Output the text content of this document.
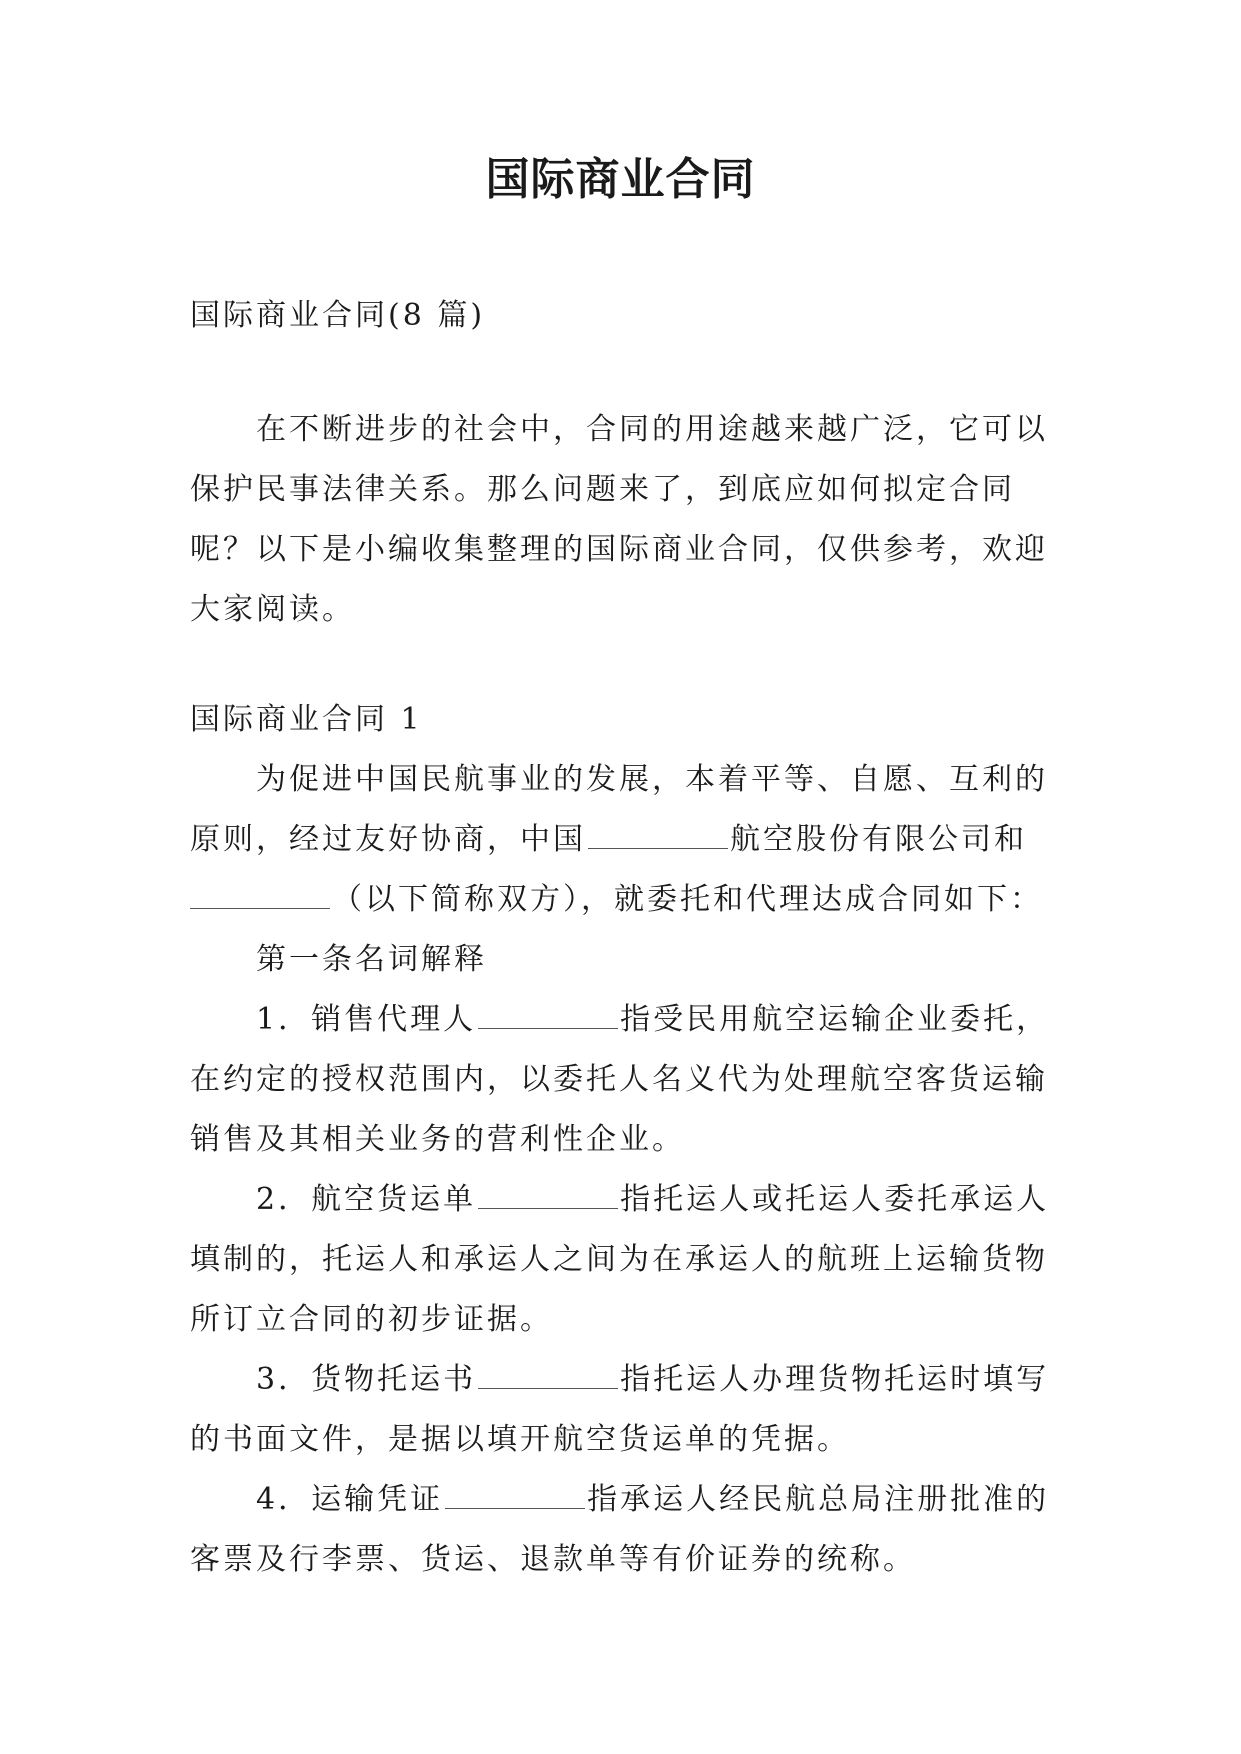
国际商业合同

国际商业合同(8 篇)

在不断进步的社会中，合同的用途越来越广泛，它可以保护民事法律关系。那么问题来了，到底应如何拟定合同呢？以下是小编收集整理的国际商业合同，仅供参考，欢迎大家阅读。

国际商业合同 1

为促进中国民航事业的发展，本着平等、自愿、互利的原则，经过友好协商，中国	航空股份有限公司和
（以下简称双方），就委托和代理达成合同如下：

第一条名词解释

1．销售代理人	指受民用航空运输企业委托，在约定的授权范围内，以委托人名义代为处理航空客货运输销售及其相关业务的营利性企业。

2．航空货运单	指托运人或托运人委托承运人填制的，托运人和承运人之间为在承运人的航班上运输货物所订立合同的初步证据。

3．货物托运书	指托运人办理货物托运时填写的书面文件，是据以填开航空货运单的凭据。

4．运输凭证	指承运人经民航总局注册批准的客票及行李票、货运、退款单等有价证券的统称。
